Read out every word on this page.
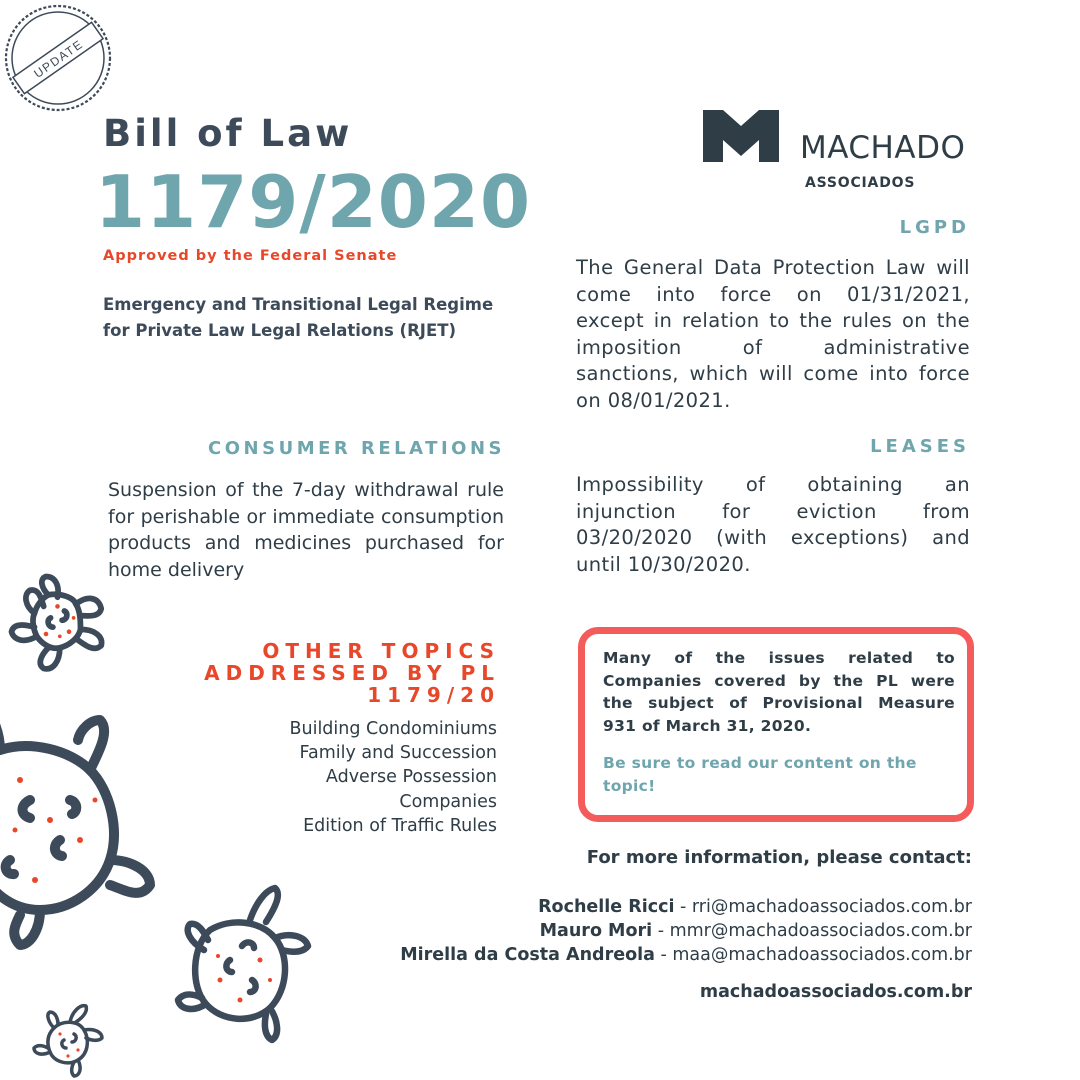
UPDATE
Bill of Law
1179/2020
Approved by the Federal Senate
Emergency and Transitional Legal Regime
for Private Law Legal Relations (RJET)
MACHADO
ASSOCIADOS
LGPD
The General Data Protection Law will come into force on 01/31/2021, except in relation to the rules on the imposition of administrative sanctions, which will come into force on 08/01/2021.
CONSUMER RELATIONS
Suspension of the 7-day withdrawal rule for perishable or immediate consumption products and medicines purchased for home delivery
LEASES
Impossibility of obtaining an injunction for eviction from 03/20/2020 (with exceptions) and until 10/30/2020.
OTHER TOPICS
ADDRESSED BY PL
1179/20
Building Condominiums
Family and Succession
Adverse Possession
Companies
Edition of Traffic Rules
Many of the issues related to Companies covered by the PL were the subject of Provisional Measure 931 of March 31, 2020.
Be sure to read our content on the topic!
For more information, please contact:
Rochelle Ricci - rri@machadoassociados.com.br
Mauro Mori - mmr@machadoassociados.com.br
Mirella da Costa Andreola - maa@machadoassociados.com.br
machadoassociados.com.br
